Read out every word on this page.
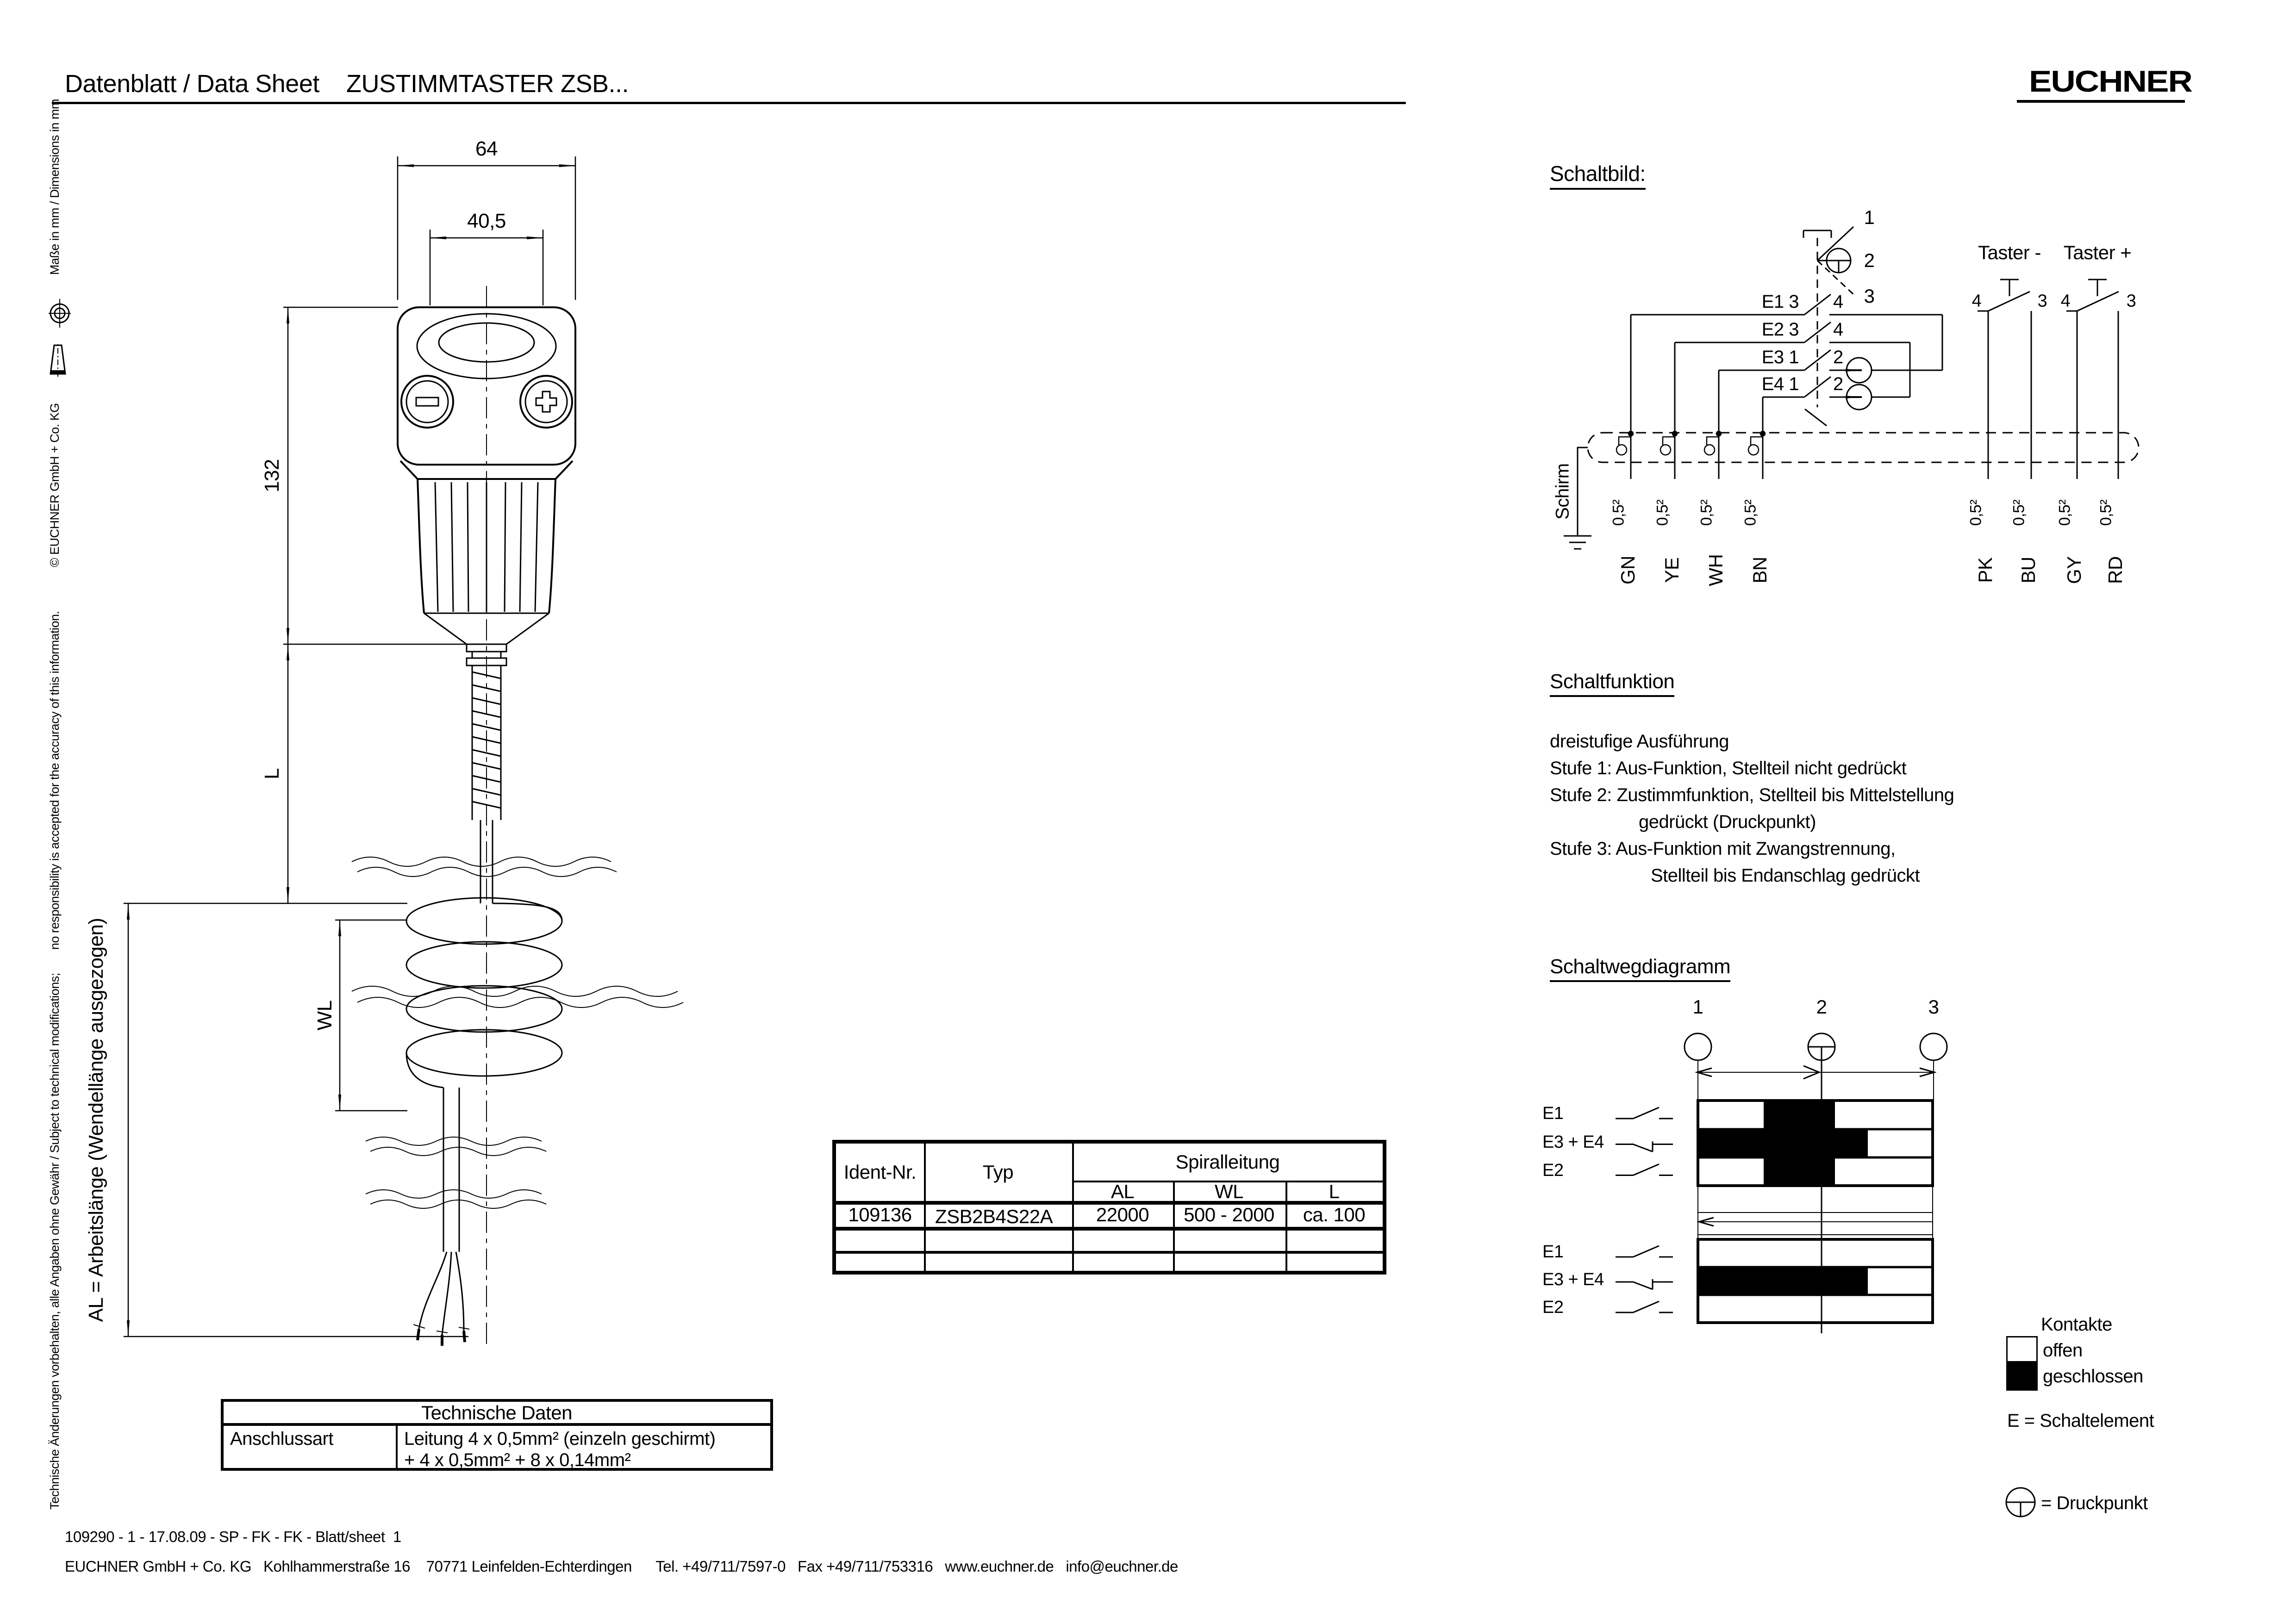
Datenblatt / Data Sheet ZUSTIMMTASTER ZSB...	EUCHNER
Technische Änderungen vorbehalten, alle Angaben ohne Gewähr / Subject to technical modifications;
no responsibility is accepted for the accuracy of this information.
© EUCHNER GmbH + Co. KG
Maße in mm / Dimensions in mm	⁤64
⁤40,5
132
L
WL
AL = Arbeitslänge (Wendellänge ausgezogen)
Schaltbild:
1
2
3
Taster - Taster +
4	3 4	3
Schirm
E1 3 4
E2 3 4
E3 1 2
E4 1 2
0,5²
GN
0,5²
YE
0,5²
WH
0,5²
BN
0,5²
PK
0,5²
BU
0,5²
GY
0,5²
RD
Schaltfunktion
dreistufige Ausführung
Stufe 1: Aus-Funktion, Stellteil nicht gedrückt
Stufe 2: Zustimmfunktion, Stellteil bis Mittelstellung
gedrückt (Druckpunkt)
Stufe 3: Aus-Funktion mit Zwangstrennung,
Stellteil bis Endanschlag gedrückt
Schaltwegdiagramm
1	2	3
E1
E3 + E4
E2
E1
E3 + E4
E2
Kontakte
offen
geschlossen
E = Schaltelement
= Druckpunkt
Ident-Nr.	Typ	Spiralleitung
AL	WL	L
109136 ZSB2B4S22A 22000 500 - 2000 ca. 100
Technische Daten
Anschlussart	Leitung 4 x 0,5mm² (einzeln geschirmt)
+ 4 x 0,5mm² + 8 x 0,14mm²
109290 - 1 - 17.08.09 - SP - FK - FK - Blatt/sheet  1
EUCHNER GmbH + Co. KG   Kohlhammerstraße 16    70771 Leinfelden-Echterdingen      Tel. +49/711/7597-0   Fax +49/711/753316   www.euchner.de   info@euchner.de
